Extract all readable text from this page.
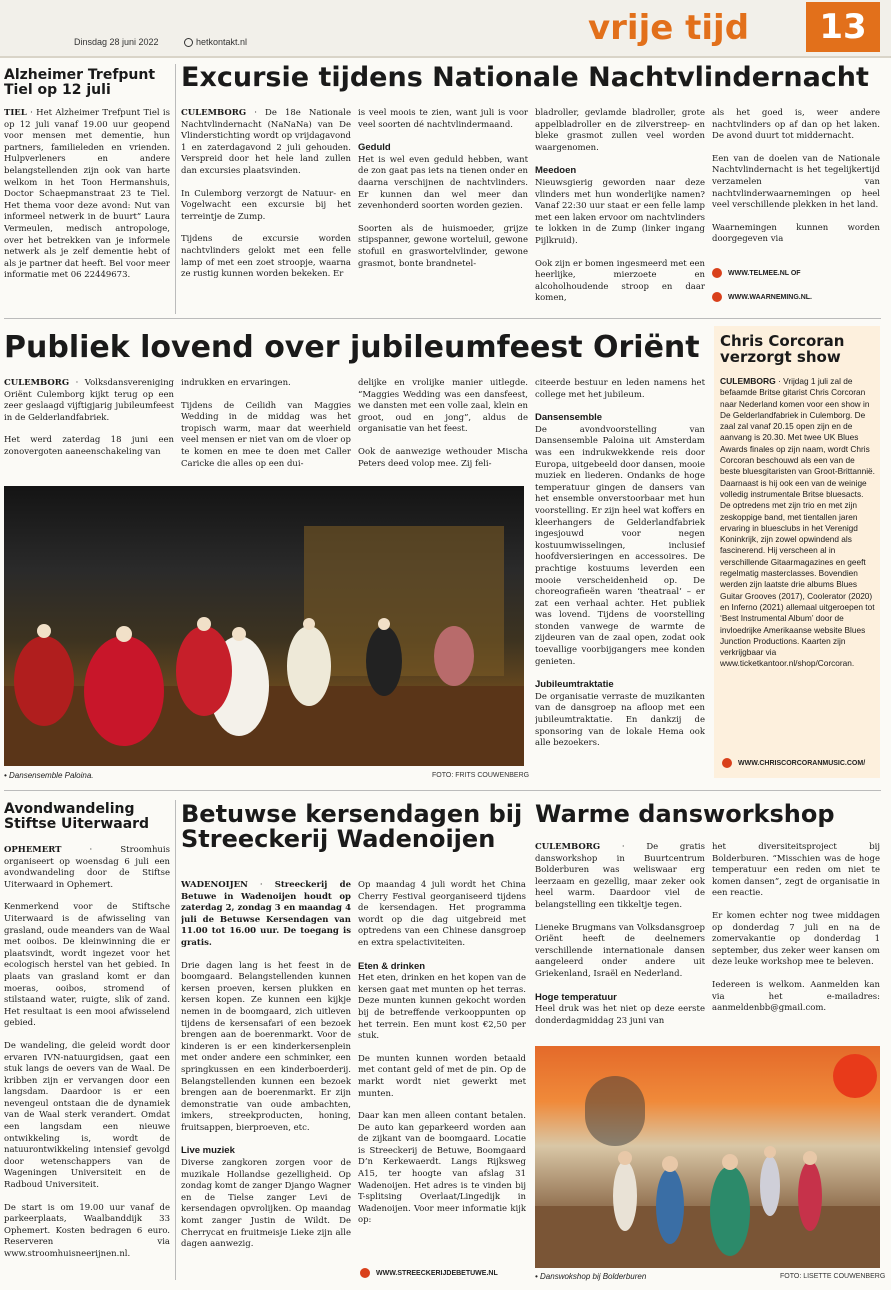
Dinsdag 28 juni 2022	hetkontakt.nl	vrije tijd	13
Alzheimer Trefpunt Tiel op 12 juli
TIEL · Het Alzheimer Trefpunt Tiel is op 12 juli vanaf 19.00 uur geopend voor mensen met dementie, hun partners, familieleden en vrienden. Hulpverleners en andere belangstellenden zijn ook van harte welkom in het Toon Hermanshuis, Doctor Schaepmanstraat 23 te Tiel. Het thema voor deze avond: Nut van informeel netwerk in de buurt” Laura Vermeulen, medisch antropologe, over het betrekken van je informele netwerk als je zelf dementie hebt of als je partner dat heeft. Bel voor meer informatie met 06 22449673.
Excursie tijdens Nationale Nachtvlindernacht

CULEMBORG · De 18e Nationale Nachtvlindernacht (NaNaNa) van De Vlinderstichting wordt op vrijdagavond 1 en zaterdagavond 2 juli gehouden. Verspreid door het hele land zullen dan excursies plaatsvinden.

In Culemborg verzorgt de Natuur- en Vogelwacht een excursie bij het terreintje de Zump.

Tijdens de excursie worden nachtvlinders gelokt met een felle lamp of met een zoet stroopje, waarna ze rustig kunnen worden bekeken. Er

is veel moois te zien, want juli is voor veel soorten dé nachtvlindermaand.

Geduld

Het is wel even geduld hebben, want de zon gaat pas iets na tienen onder en daarna verschijnen de nachtvlinders. Er kunnen dan wel meer dan zevenhonderd soorten worden gezien.

Soorten als de huismoeder, grijze stipspanner, gewone worteluil, gewone stofuil en graswortelvlinder, gewone grasmot, bonte brandnetel-

bladroller, gevlamde bladroller, grote appelbladroller en de zilverstreep- en bleke grasmot zullen veel worden waargenomen.

Meedoen

Nieuwsgierig geworden naar deze vlinders met hun wonderlijke namen? Vanaf 22:30 uur staat er een felle lamp met een laken ervoor om nachtvlinders te lokken in de Zump (linker ingang Pijlkruid).

Ook zijn er bomen ingesmeerd met een heerlijke, mierzoete en alcoholhoudende stroop en daar komen,

als het goed is, weer andere nachtvlinders op af dan op het laken. De avond duurt tot middernacht.

Een van de doelen van de Nationale Nachtvlindernacht is het tegelijkertijd verzamelen van nachtvlinderwaarnemingen op heel veel verschillende plekken in het land.

Waarnemingen kunnen worden doorgegeven via

WWW.TELMEE.NL OF
WWW.WAARNEMING.NL.
Publiek lovend over jubileumfeest Oriënt

CULEMBORG · Volksdansvereniging Oriënt Culemborg kijkt terug op een zeer geslaagd vijftigjarig jubileumfeest in de Gelderlandfabriek.

Het werd zaterdag 18 juni een zonovergoten aaneenschakeling van

indrukken en ervaringen.

Tijdens de Ceilidh van Maggies Wedding in de middag was het tropisch warm, maar dat weerhield veel mensen er niet van om de vloer op te komen en mee te doen met Caller Caricke die alles op een dui-

delijke en vrolijke manier uitlegde. “Maggies Wedding was een dansfeest, we dansten met een volle zaal, klein en groot, oud en jong”, aldus de organisatie van het feest.

Ook de aanwezige wethouder Mischa Peters deed volop mee. Zij feli-

citeerde bestuur en leden namens het college met het jubileum.

Dansensemble

De avondvoorstelling van Dansensemble Paloina uit Amsterdam was een indrukwekkende reis door Europa, uitgebeeld door dansen, mooie muziek en liederen. Ondanks de hoge temperatuur gingen de dansers van het ensemble onverstoorbaar met hun voorstelling. Er zijn heel wat koffers en kleerhangers de Gelderlandfabriek ingesjouwd voor negen kostuumwisselingen, inclusief hoofdversieringen en accessoires. De prachtige kostuums leverden een mooie verscheidenheid op. De choreografieën waren ‘theatraal’ – er zat een verhaal achter. Het publiek was lovend. Tijdens de voorstelling stonden vanwege de warmte de zijdeuren van de zaal open, zodat ook toevallige voorbijgangers mee konden genieten.

Jubileumtraktatie

De organisatie verraste de muzikanten van de dansgroep na afloop met een jubileumtraktatie. En dankzij de sponsoring van de lokale Hema ook alle bezoekers.

• Dansensemble Paloina.	FOTO: FRITS COUWENBERG
Chris Corcoran verzorgt show
CULEMBORG · Vrijdag 1 juli zal de befaamde Britse gitarist Chris Corcoran naar Nederland komen voor een show in De Gelderlandfabriek in Culemborg. De zaal zal vanaf 20.15 open zijn en de aanvang is 20.30. Met twee UK Blues Awards finales op zijn naam, wordt Chris Corcoran beschouwd als een van de beste bluesgitaristen van Groot-Brittannië. Daarnaast is hij ook een van de weinige volledig instrumentale Britse bluesacts. De optredens met zijn trio en met zijn zeskoppige band, met tientallen jaren ervaring in bluesclubs in het Verenigd Koninkrijk, zijn zowel opwindend als fascinerend. Hij verscheen al in verschillende Gitaarmagazines en geeft regelmatig masterclasses. Bovendien werden zijn laatste drie albums Blues Guitar Grooves (2017), Coolerator (2020) en Inferno (2021) allemaal uitgeroepen tot ‘Best Instrumental Album’ door de invloedrijke Amerikaanse website Blues Junction Productions. Kaarten zijn verkrijgbaar via www.ticketkantoor.nl/shop/Corcoran.
WWW.CHRISCORCORANMUSIC.COM/
Avondwandeling Stiftse Uiterwaard

OPHEMERT · Stroomhuis organiseert op woensdag 6 juli een avondwandeling door de Stiftse Uiterwaard in Ophemert.

Kenmerkend voor de Stiftsche Uiterwaard is de afwisseling van grasland, oude meanders van de Waal met ooibos. De kleinwinning die er plaatsvindt, wordt ingezet voor het ecologisch herstel van het gebied. In plaats van grasland komt er dan moeras, ooibos, stromend of stilstaand water, ruigte, slik of zand. Het resultaat is een mooi afwisselend gebied.

De wandeling, die geleid wordt door ervaren IVN-natuurgidsen, gaat een stuk langs de oevers van de Waal. De kribben zijn er vervangen door een langsdam. Daardoor is er een nevengeul ontstaan die de dynamiek van de Waal sterk verandert. Omdat een langsdam een nieuwe ontwikkeling is, wordt de natuurontwikkeling intensief gevolgd door wetenschappers van de Wageningen Universiteit en de Radboud Universiteit.

De start is om 19.00 uur vanaf de parkeerplaats, Waalbanddijk 33 Ophemert. Kosten bedragen 6 euro. Reserveren via www.stroomhuisneerijnen.nl.

Betuwse kersendagen bij Streeckerij Wadenoijen

WADENOIJEN · Streeckerij de Betuwe in Wadenoijen houdt op zaterdag 2, zondag 3 en maandag 4 juli de Betuwse Kersendagen van 11.00 tot 16.00 uur. De toegang is gratis.

Drie dagen lang is het feest in de boomgaard. Belangstellenden kunnen kersen proeven, kersen plukken en kersen kopen. Ze kunnen een kijkje nemen in de boomgaard, zich uitleven tijdens de kersensafari of een bezoek brengen aan de boerenmarkt. Voor de kinderen is er een kinderkersenplein met onder andere een schminker, een springkussen en een kinderboerderij. Belangstellenden kunnen een bezoek brengen aan de boerenmarkt. Er zijn demonstratie van oude ambachten, imkers, streekproducten, honing, fruitsappen, bierproeven, etc.

Live muziek

Diverse zangkoren zorgen voor de muzikale Hollandse gezelligheid. Op zondag komt de zanger Django Wagner en de Tielse zanger Levi de kersendagen opvrolijken. Op maandag komt zanger Justin de Wildt. De Cherrycat en fruitmeisje Lieke zijn alle dagen aanwezig.

Op maandag 4 juli wordt het China Cherry Festival georganiseerd tijdens de kersendagen. Het programma wordt op die dag uitgebreid met optredens van een Chinese dansgroep en extra spelactiviteiten.

Eten & drinken

Het eten, drinken en het kopen van de kersen gaat met munten op het terras. Deze munten kunnen gekocht worden bij de betreffende verkooppunten op het terrein. Een munt kost €2,50 per stuk.

De munten kunnen worden betaald met contant geld of met de pin. Op de markt wordt niet gewerkt met munten.

Daar kan men alleen contant betalen. De auto kan geparkeerd worden aan de zijkant van de boomgaard. Locatie is Streeckerij de Betuwe, Boomgaard D’n Kerkewaerdt. Langs Rijksweg A15, ter hoogte van afslag 31 Wadenoijen. Het adres is te vinden bij T-splitsing Overlaat/Lingedijk in Wadenoijen. Voor meer informatie kijk op:

WWW.STREECKERIJDEBETUWE.NL
Warme dansworkshop

CULEMBORG · De gratis dansworkshop in Buurtcentrum Bolderburen was weliswaar erg leerzaam en gezellig, maar zeker ook heel warm. Daardoor viel de belangstelling een tikkeltje tegen.

Lieneke Brugmans van Volksdansgroep Oriënt heeft de deelnemers verschillende internationale dansen aangeleerd onder andere uit Griekenland, Israël en Nederland.

Hoge temperatuur

Heel druk was het niet op deze eerste donderdagmiddag 23 juni van

het diversiteitsproject bij Bolderburen. “Misschien was de hoge temperatuur een reden om niet te komen dansen”, zegt de organisatie in een reactie.

Er komen echter nog twee middagen op donderdag 7 juli en na de zomervakantie op donderdag 1 september, dus zeker weer kansen om deze leuke workshop mee te beleven.

Iedereen is welkom. Aanmelden kan via het e-mailadres: aanmeldenbb@gmail.com.

• Danswokshop bij Bolderburen	FOTO: LISETTE COUWENBERG
